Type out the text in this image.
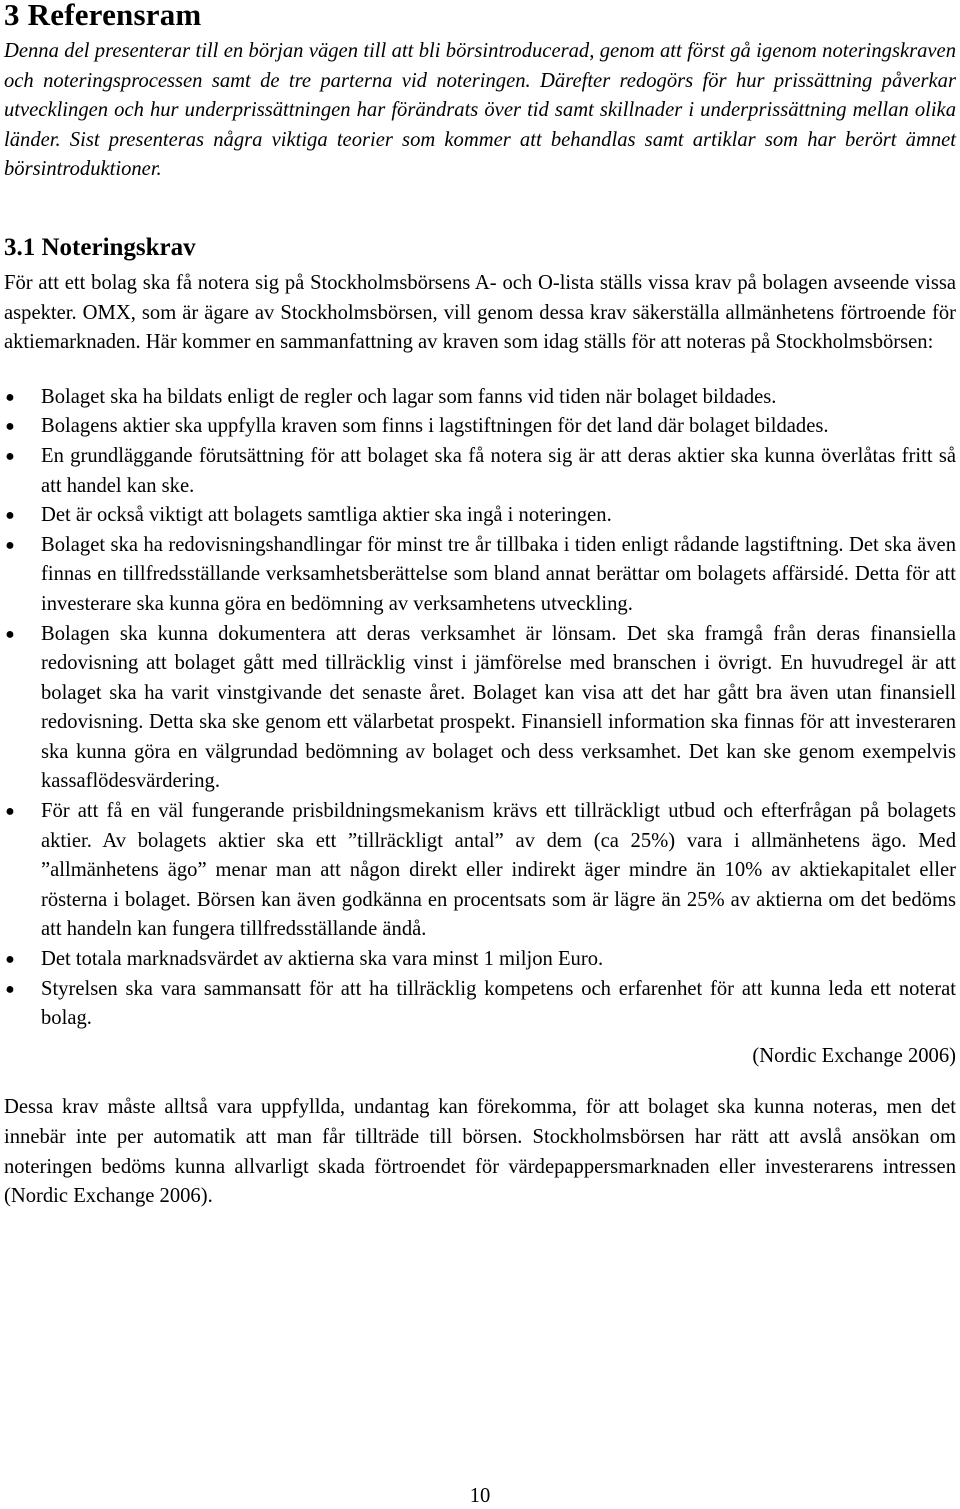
3 Referensram

Denna del presenterar till en början vägen till att bli börsintroducerad, genom att först gå igenom noteringskraven och noteringsprocessen samt de tre parterna vid noteringen. Därefter redogörs för hur prissättning påverkar utvecklingen och hur underprissättningen har förändrats över tid samt skillnader i underprissättning mellan olika länder. Sist presenteras några viktiga teorier som kommer att behandlas samt artiklar som har berört ämnet börsintroduktioner.

3.1 Noteringskrav

För att ett bolag ska få notera sig på Stockholmsbörsens A- och O-lista ställs vissa krav på bolagen avseende vissa aspekter. OMX, som är ägare av Stockholmsbörsen, vill genom dessa krav säkerställa allmänhetens förtroende för aktiemarknaden. Här kommer en sammanfattning av kraven som idag ställs för att noteras på Stockholmsbörsen:

● Bolaget ska ha bildats enligt de regler och lagar som fanns vid tiden när bolaget bildades.
● Bolagens aktier ska uppfylla kraven som finns i lagstiftningen för det land där bolaget bildades.
● En grundläggande förutsättning för att bolaget ska få notera sig är att deras aktier ska kunna överlåtas fritt så att handel kan ske.
● Det är också viktigt att bolagets samtliga aktier ska ingå i noteringen.
● Bolaget ska ha redovisningshandlingar för minst tre år tillbaka i tiden enligt rådande lagstiftning. Det ska även finnas en tillfredsställande verksamhetsberättelse som bland annat berättar om bolagets affärsidé. Detta för att investerare ska kunna göra en bedömning av verksamhetens utveckling.
● Bolagen ska kunna dokumentera att deras verksamhet är lönsam. Det ska framgå från deras finansiella redovisning att bolaget gått med tillräcklig vinst i jämförelse med branschen i övrigt. En huvudregel är att bolaget ska ha varit vinstgivande det senaste året. Bolaget kan visa att det har gått bra även utan finansiell redovisning. Detta ska ske genom ett välarbetat prospekt. Finansiell information ska finnas för att investeraren ska kunna göra en välgrundad bedömning av bolaget och dess verksamhet. Det kan ske genom exempelvis kassaflödesvärdering.
● För att få en väl fungerande prisbildningsmekanism krävs ett tillräckligt utbud och efterfrågan på bolagets aktier. Av bolagets aktier ska ett ”tillräckligt antal” av dem (ca 25%) vara i allmänhetens ägo. Med ”allmänhetens ägo” menar man att någon direkt eller indirekt äger mindre än 10% av aktiekapitalet eller rösterna i bolaget. Börsen kan även godkänna en procentsats som är lägre än 25% av aktierna om det bedöms att handeln kan fungera tillfredsställande ändå.
● Det totala marknadsvärdet av aktierna ska vara minst 1 miljon Euro.
● Styrelsen ska vara sammansatt för att ha tillräcklig kompetens och erfarenhet för att kunna leda ett noterat bolag.

(Nordic Exchange 2006)

Dessa krav måste alltså vara uppfyllda, undantag kan förekomma, för att bolaget ska kunna noteras, men det innebär inte per automatik att man får tillträde till börsen. Stockholmsbörsen har rätt att avslå ansökan om noteringen bedöms kunna allvarligt skada förtroendet för värdepappersmarknaden eller investerarens intressen (Nordic Exchange 2006).

10
